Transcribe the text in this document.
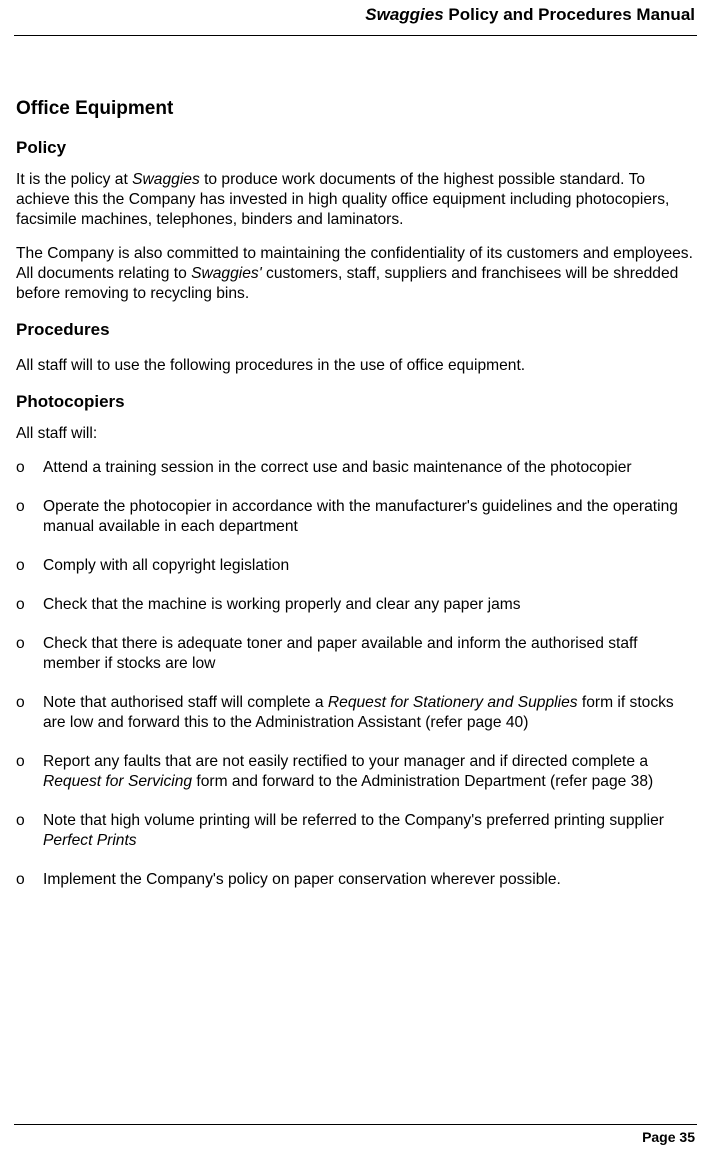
Swaggies Policy and Procedures Manual
Office Equipment
Policy

It is the policy at Swaggies to produce work documents of the highest possible standard. To achieve this the Company has invested in high quality office equipment including photocopiers, facsimile machines, telephones, binders and laminators.

The Company is also committed to maintaining the confidentiality of its customers and employees. All documents relating to Swaggies' customers, staff, suppliers and franchisees will be shredded before removing to recycling bins.

Procedures

All staff will to use the following procedures in the use of office equipment.

Photocopiers

All staff will:

o	Attend a training session in the correct use and basic maintenance of the photocopier
o	Operate the photocopier in accordance with the manufacturer's guidelines and the operating manual available in each department
o	Comply with all copyright legislation
o	Check that the machine is working properly and clear any paper jams
o	Check that there is adequate toner and paper available and inform the authorised staff member if stocks are low
o	Note that authorised staff will complete a Request for Stationery and Supplies form if stocks are low and forward this to the Administration Assistant (refer page 40)
o	Report any faults that are not easily rectified to your manager and if directed complete a Request for Servicing form and forward to the Administration Department (refer page 38)
o	Note that high volume printing will be referred to the Company's preferred printing supplier Perfect Prints
o	Implement the Company's policy on paper conservation wherever possible.
Page 35
